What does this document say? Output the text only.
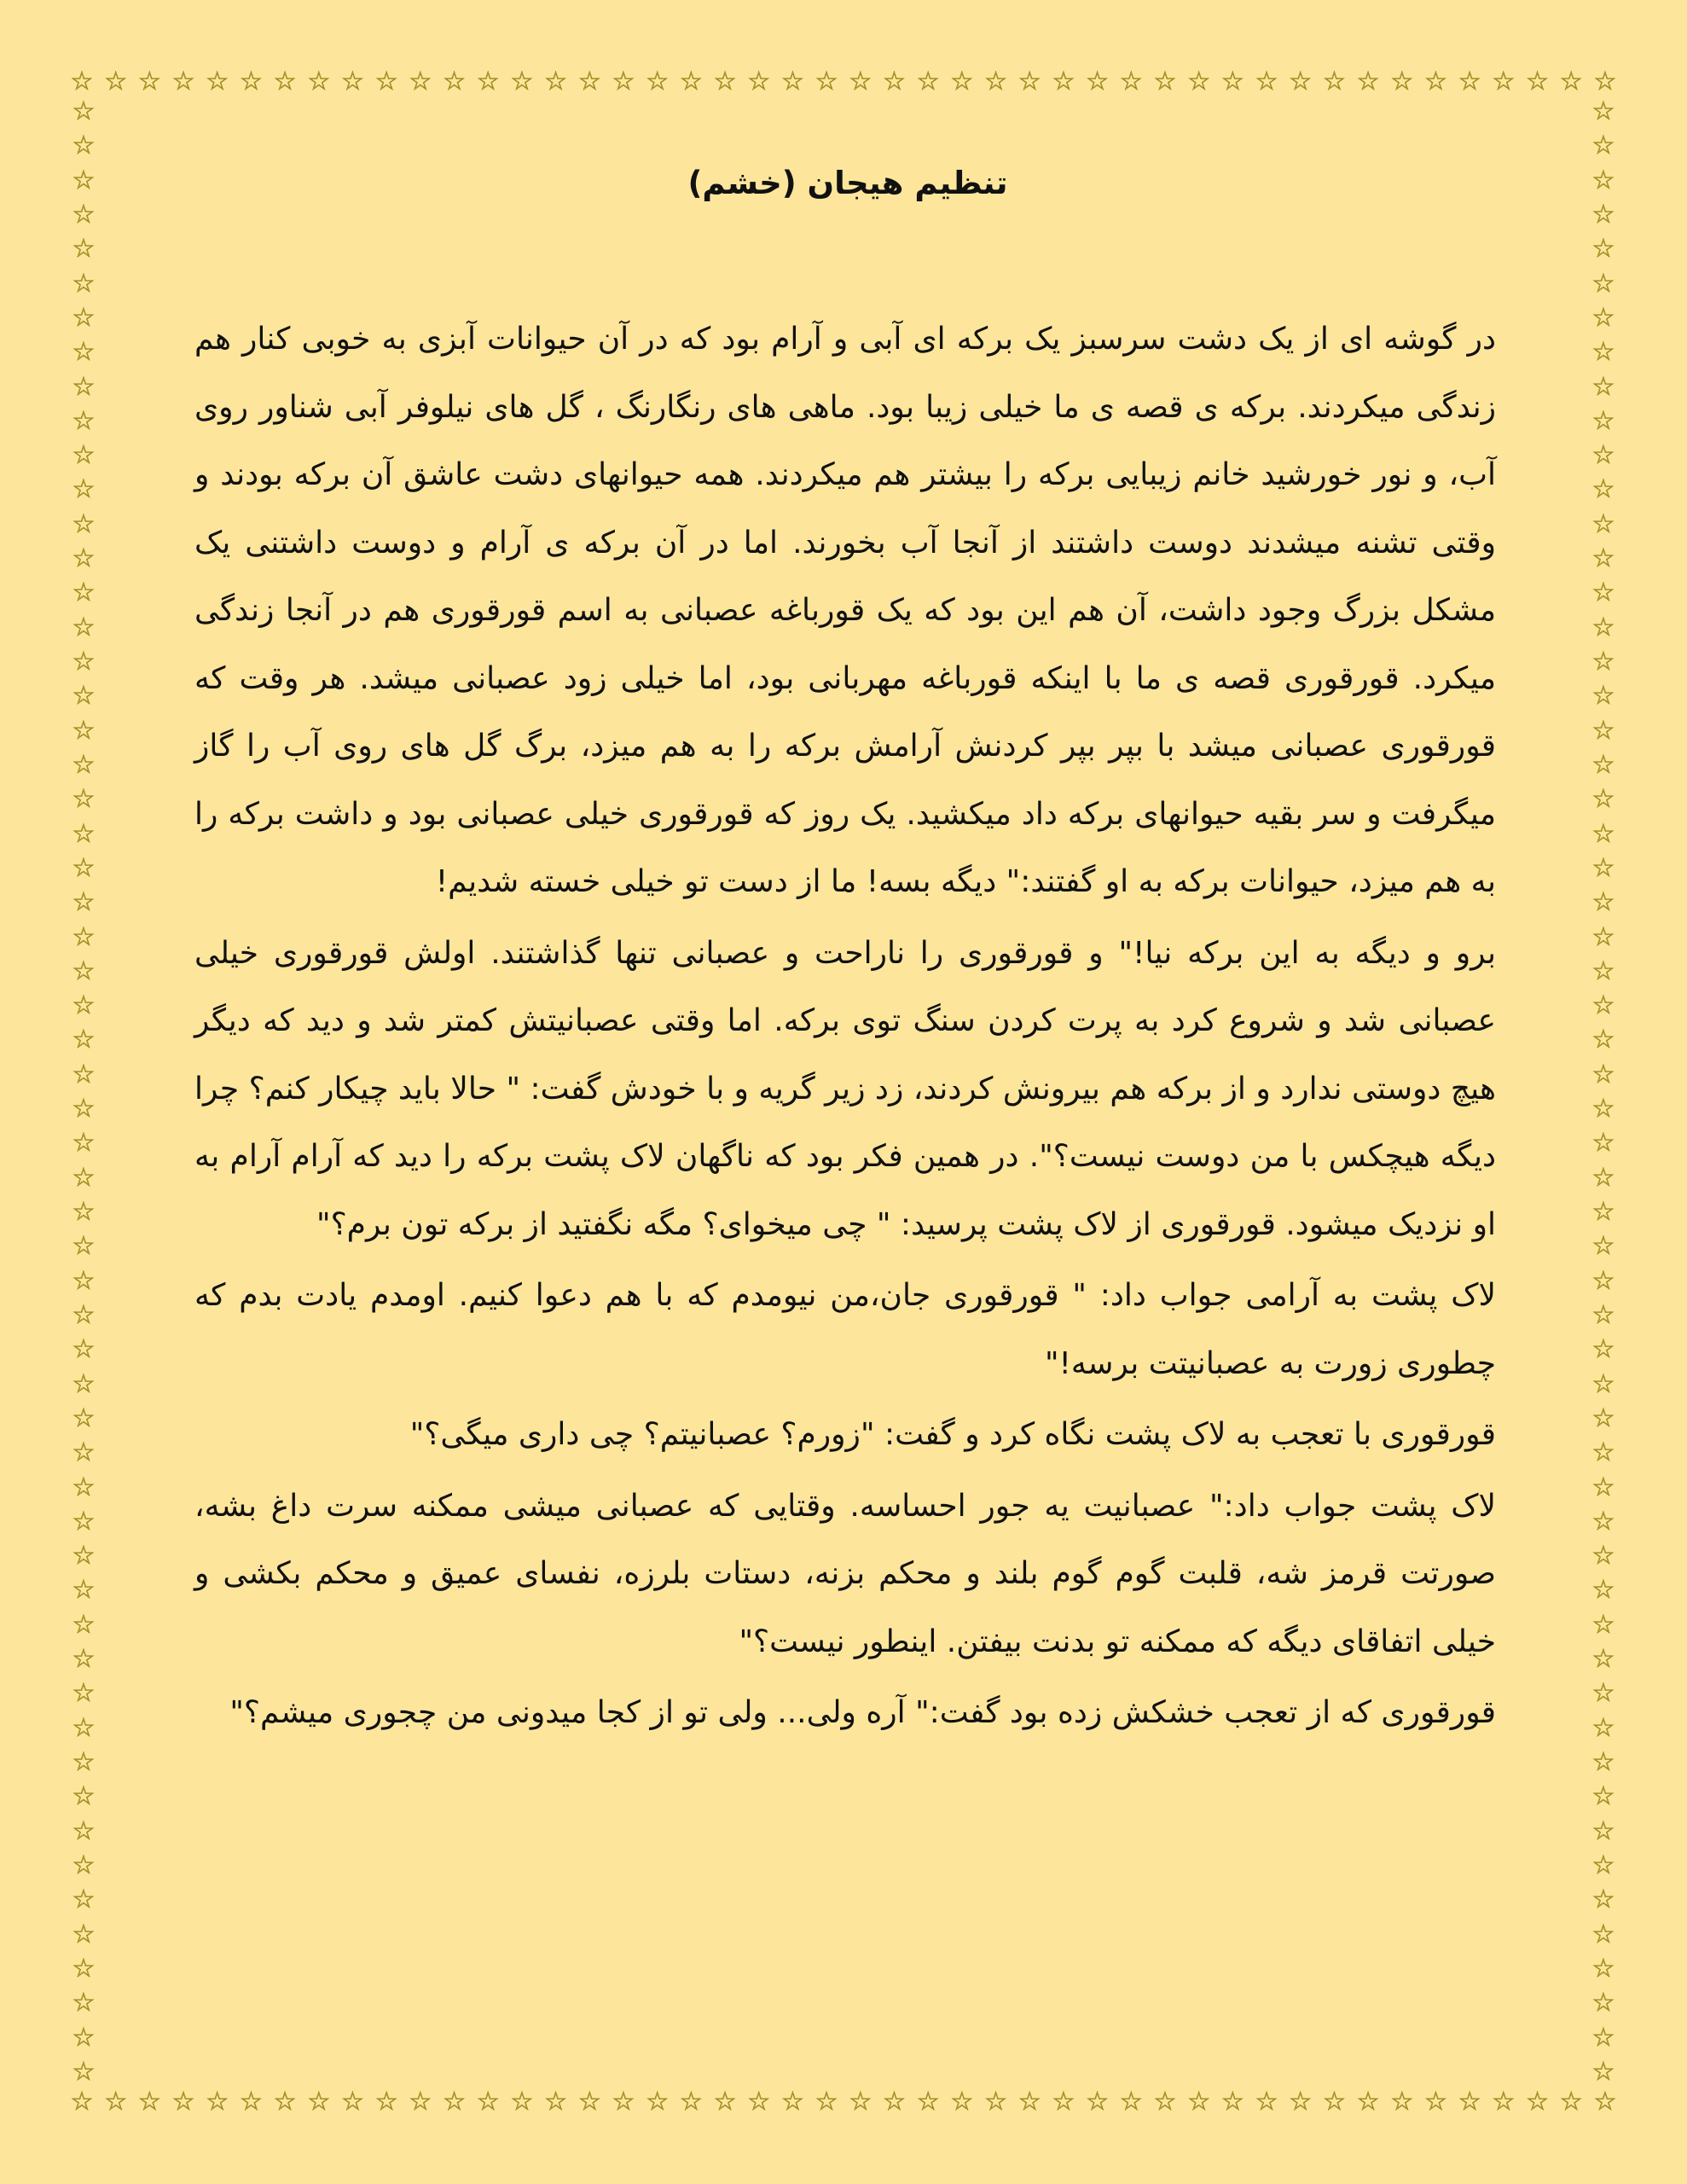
☆ ☆ ☆ ☆ ☆ ☆ ☆ ☆ ☆ ☆ ☆ ☆ ☆ ☆ ☆ ☆ ☆ ☆ ☆ ☆ ☆ ☆ ☆ ☆ ☆ ☆ ☆ ☆ ☆ ☆ ☆ ☆ ☆ ☆ ☆ ☆ ☆ ☆ ☆ ☆ ☆ ☆ ☆ ☆ ☆ ☆
☆ ☆ ☆ ☆ ☆ ☆ ☆ ☆ ☆ ☆ ☆ ☆ ☆ ☆ ☆ ☆ ☆ ☆ ☆ ☆ ☆ ☆ ☆ ☆ ☆ ☆ ☆ ☆ ☆ ☆ ☆ ☆ ☆ ☆ ☆ ☆ ☆ ☆ ☆ ☆ ☆ ☆ ☆ ☆ ☆ ☆
☆
☆
☆
☆
☆
☆
☆
☆
☆
☆
☆
☆
☆
☆
☆
☆
☆
☆
☆
☆
☆
☆
☆
☆
☆
☆
☆
☆
☆
☆
☆
☆
☆
☆
☆
☆
☆
☆
☆
☆
☆
☆
☆
☆
☆
☆
☆
☆
☆
☆
☆
☆
☆
☆
☆
☆
☆
☆
☆
☆
☆
☆
☆
☆
☆
☆
☆
☆
☆
☆
☆
☆
☆
☆
☆
☆
☆
☆
☆
☆
☆
☆
☆
☆
☆
☆
☆
☆
☆
☆
☆
☆
☆
☆
☆
☆
☆
☆
☆
☆
☆
☆
☆
☆
☆
☆
☆
☆
☆
☆
☆
☆
☆
☆
☆
☆
تنظیم هیجان (خشم)

در گوشه ای از یک دشت سرسبز یک برکه ای آبی و آرام بود که در آن حیوانات آبزی به خوبی کنار هم زندگی میکردند. برکه ی قصه ی ما خیلی زیبا بود. ماهی های رنگارنگ ، گل های نیلوفر آبی شناور روی آب، و نور خورشید خانم زیبایی برکه را بیشتر هم میکردند. همه حیوانهای دشت عاشق آن برکه بودند و وقتی تشنه میشدند دوست داشتند از آنجا آب بخورند. اما در آن برکه ی آرام و دوست داشتنی یک مشکل بزرگ وجود داشت، آن هم این بود که یک قورباغه عصبانی به اسم قورقوری هم در آنجا زندگی میکرد. قورقوری قصه ی ما با اینکه قورباغه مهربانی بود، اما خیلی زود عصبانی میشد. هر وقت که قورقوری عصبانی میشد با بپر بپر کردنش آرامش برکه را به هم میزد، برگ گل های روی آب را گاز میگرفت و سر بقیه حیوانهای برکه داد میکشید. یک روز که قورقوری خیلی عصبانی بود و داشت برکه را به هم میزد، حیوانات برکه به او گفتند:" دیگه بسه! ما از دست تو خیلی خسته شدیم!

برو و دیگه به این برکه نیا!" و قورقوری را ناراحت و عصبانی تنها گذاشتند. اولش قورقوری خیلی عصبانی شد و شروع کرد به پرت کردن سنگ توی برکه. اما وقتی عصبانیتش کمتر شد و دید که دیگر هیچ دوستی ندارد و از برکه هم بیرونش کردند، زد زیر گریه و با خودش گفت: " حالا باید چیکار کنم؟ چرا دیگه هیچکس با من دوست نیست؟". در همین فکر بود که ناگهان لاک پشت برکه را دید که آرام آرام به او نزدیک میشود. قورقوری از لاک پشت پرسید: " چی میخوای؟ مگه نگفتید از برکه تون برم؟"

لاک پشت به آرامی جواب داد: " قورقوری جان،من نیومدم که با هم دعوا کنیم. اومدم یادت بدم که چطوری زورت به عصبانیتت برسه!"

قورقوری با تعجب به لاک پشت نگاه کرد و گفت: "زورم؟ عصبانیتم؟ چی داری میگی؟"

لاک پشت جواب داد:" عصبانیت یه جور احساسه. وقتایی که عصبانی میشی ممکنه سرت داغ بشه، صورتت قرمز شه، قلبت گوم گوم بلند و محکم بزنه، دستات بلرزه، نفسای عمیق و محکم بکشی و خیلی اتفاقای دیگه که ممکنه تو بدنت بیفتن. اینطور نیست؟"

قورقوری که از تعجب خشکش زده بود گفت:" آره ولی... ولی تو از کجا میدونی من چجوری میشم؟"
